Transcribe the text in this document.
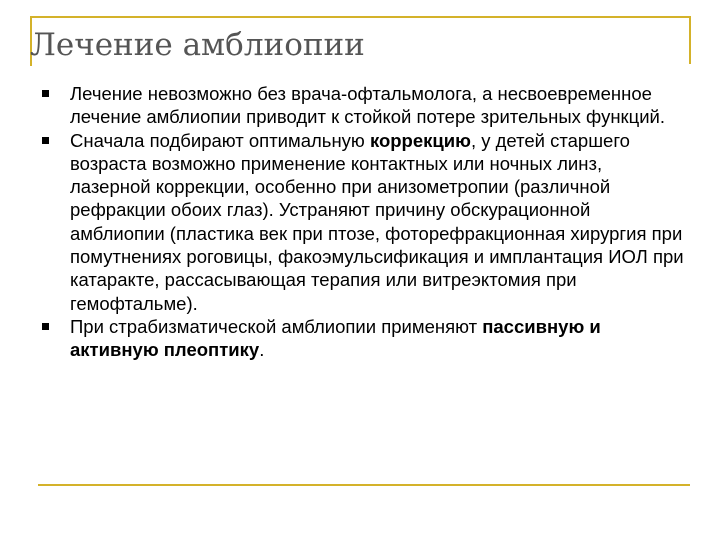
Лечение амблиопии
Лечение невозможно без врача-офтальмолога, а несвоевременное лечение амблиопии приводит к стойкой потере зрительных функций.
Сначала подбирают оптимальную коррекцию, у детей старшего возраста возможно применение контактных или ночных линз, лазерной коррекции, особенно при анизометропии (различной рефракции обоих глаз). Устраняют причину обскурационной амблиопии (пластика век при птозе, фоторефракционная хирургия при помутнениях роговицы, факоэмульсификация и имплантация ИОЛ при катаракте, рассасывающая терапия или витреэктомия при гемофтальме).
При страбизматической амблиопии применяют пассивную и активную плеоптику.
